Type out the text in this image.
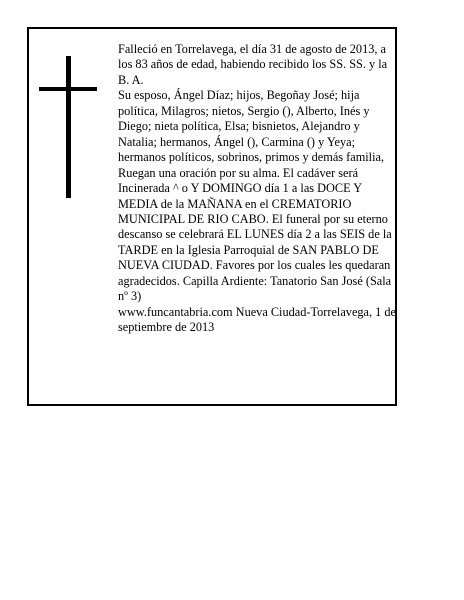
Falleció en Torrelavega, el día 31 de agosto de 2013, a los 83 años de edad, habiendo recibido los SS. SS. y la B. A.

Su esposo, Ángel Díaz; hijos, Begoñay José; hija política, Milagros; nietos, Sergio (), Alberto, Inés y Diego; nieta política, Elsa; bisnietos, Alejandro y Natalia; hermanos, Ángel (), Carmina () y Yeya; hermanos políticos, sobrinos, primos y demás familia, Ruegan una oración por su alma. El cadáver será Incinerada ^ o Y DOMINGO día 1 a las DOCE Y MEDIA de la MAÑANA en el CREMATORIO MUNICIPAL DE RIO CABO. El funeral por su eterno descanso se celebrará EL LUNES día 2 a las SEIS de la TARDE en la Iglesia Parroquial de SAN PABLO DE NUEVA CIUDAD. Favores por los cuales les quedaran agradecidos. Capilla Ardiente: Tanatorio San José (Sala nº 3)

www.funcantabria.com Nueva Ciudad-Torrelavega, 1 de septiembre de 2013
